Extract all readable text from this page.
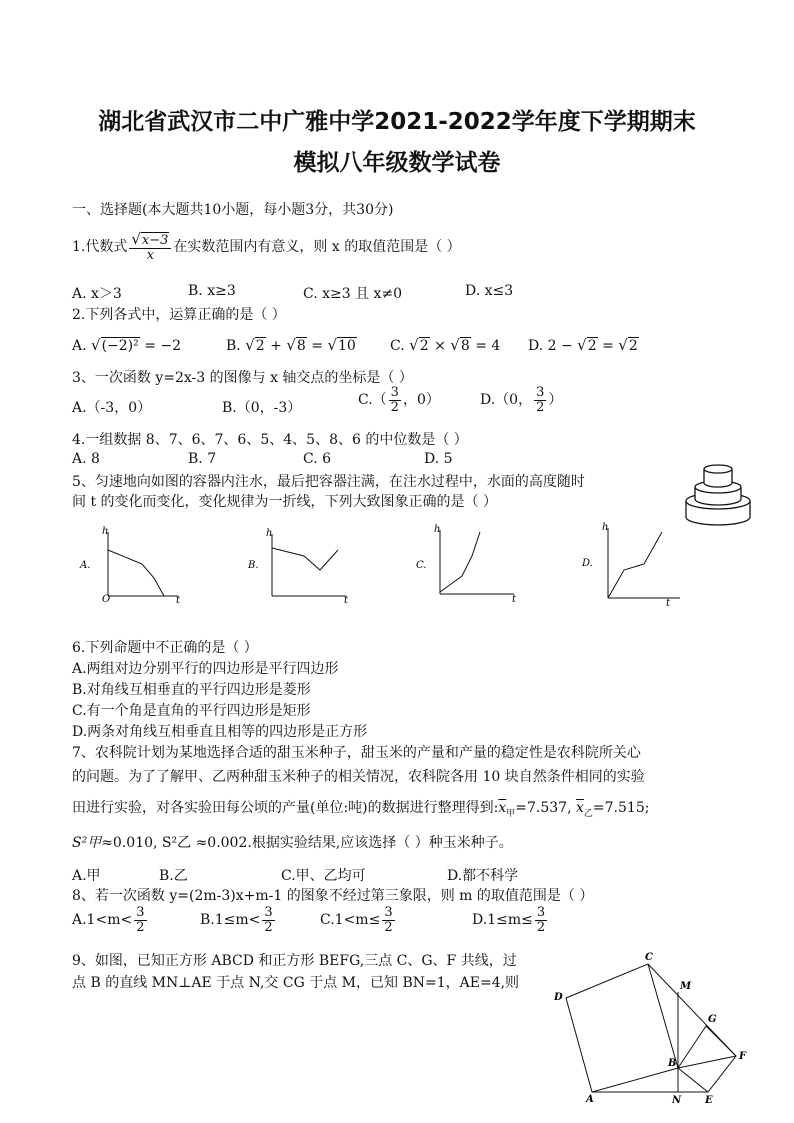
湖北省武汉市二中广雅中学2021-2022学年度下学期期末
模拟八年级数学试卷
一、选择题(本大题共10小题，每小题3分，共30分)
1.代数式 $\frac{√x-3}{x}$ 在实数范围内有意义，则 x 的取值范围是（ ）
A. x＞3	B. x≥3	C. x≥3 且 x≠0	D. x≤3
2.下列各式中，运算正确的是（ ）
A. √(−2)² = −2	B. √2 + √8 = √10 C. √2 × √8 = 4 D. 2 − √2 = √2
3、一次函数 y=2x-3 的图像与 x 轴交点的坐标是（ ）
A.（-3，0）	B.（0，-3）	$C.( \frac{3}{2}$ ，0）	D.（0， $\frac{3}{2}$ ）
4.一组数据 8、7、6、7、6、5、4、5、8、6 的中位数是（ ）
A. 8	B. 7	C. 6	D. 5
5、匀速地向如图的容器内注水，最后把容器注满，在注水过程中，水面的高度随时
间 t 的变化而变化，变化规律为一折线，下列大致图象正确的是（ ）
A.
h
O	t
B.
h
t
C.
h
t
D.
h
t
6.下列命题中不正确的是（ ）
A.两组对边分别平行的四边形是平行四边形
B.对角线互相垂直的平行四边形是菱形
C.有一个角是直角的平行四边形是矩形
D.两条对角线互相垂直且相等的四边形是正方形
7、农科院计划为某地选择合适的甜玉米种子，甜玉米的产量和产量的稳定性是农科院所关心
的问题。为了了解甲、乙两种甜玉米种子的相关情况，农科院各用 10 块自然条件相同的实验
田进行实验，对各实验田每公顷的产量(单位:吨)的数据进行整理得到$:\overline{x}_甲=7.537$, $\overline{x}_乙=7.515$;
S²甲≈0.010, S²乙 ≈0.002.根据实验结果,应该选择（ ）种玉米种子。
A.甲	B.乙	C.甲、乙均可	D.都不科学
8、若一次函数 y=(2m-3)x+m-1 的图象不经过第三象限，则 m 的取值范围是（ ）
$A.1<m< \frac{3}{2}$	$B.1\le m< \frac{3}{2}$	$C.1<m\le \frac{3}{2}$	$D.1\le m\le \frac{3}{2}$
9、如图，已知正方形 ABCD 和正方形 BEFG,三点 C、G、F 共线，过
点 B 的直线 MN⊥AE 于点 N,交 CG 于点 M，已知 BN=1，AE=4,则
C
M
D
G
F
B
A	N E
